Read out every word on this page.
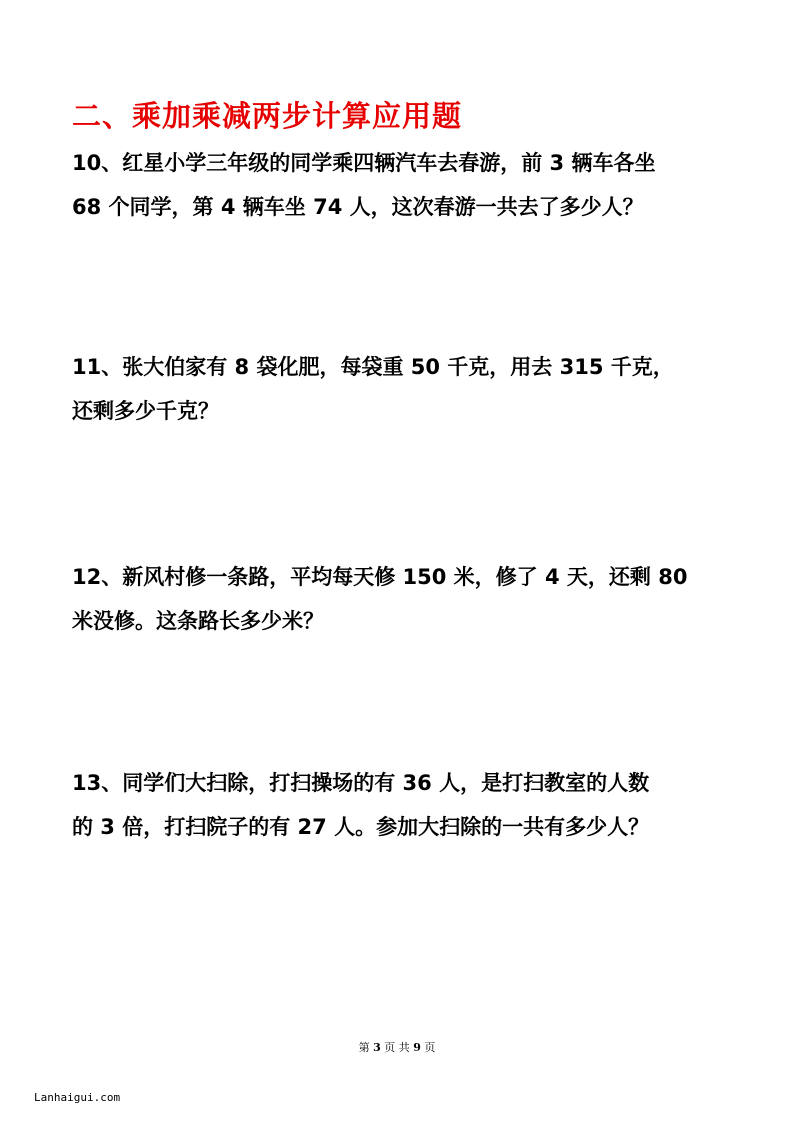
二、乘加乘减两步计算应用题

10、红星小学三年级的同学乘四辆汽车去春游，前 3 辆车各坐

68 个同学，第 4 辆车坐 74 人，这次春游一共去了多少人？

11、张大伯家有 8 袋化肥，每袋重 50 千克，用去 315 千克，

还剩多少千克？

12、新风村修一条路，平均每天修 150 米，修了 4 天，还剩 80

米没修。这条路长多少米？

13、同学们大扫除，打扫操场的有 36 人，是打扫教室的人数

的 3 倍，打扫院子的有 27 人。参加大扫除的一共有多少人？

第 3 页 共 9 页
Lanhaigui.com
